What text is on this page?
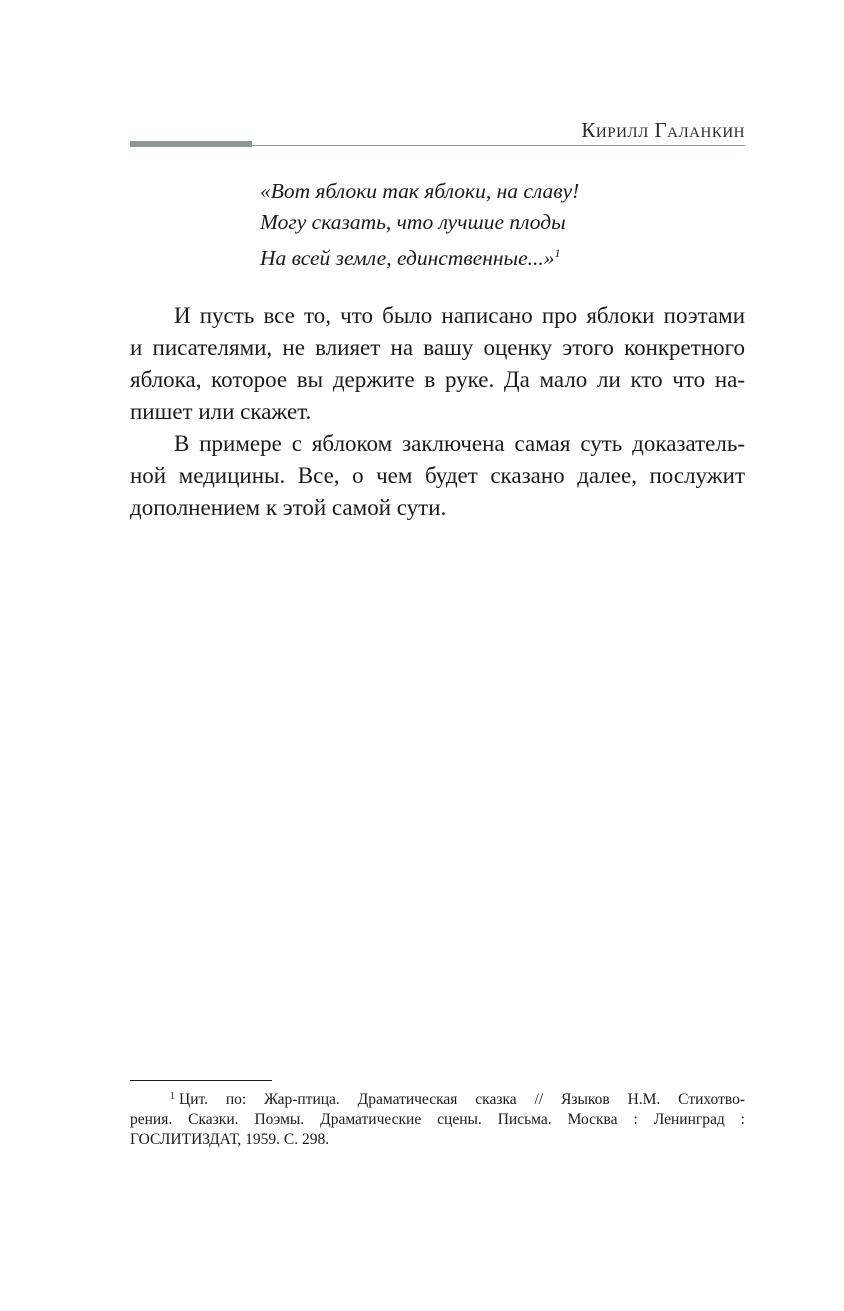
Кирилл Галанкин
«Вот яблоки так яблоки, на славу!
Могу сказать, что лучшие плоды
На всей земле, единственные...»$^1$
И пусть все то, что было написано про яблоки поэтами
и писателями, не влияет на вашу оценку этого конкретного
яблока, которое вы держите в руке. Да мало ли кто что на-
пишет или скажет.
В примере с яблоком заключена самая суть доказатель-
ной медицины. Все, о чем будет сказано далее, послужит
дополнением к этой самой сути.
$^1$ Цит. по: Жар-птица. Драматическая сказка // Языков Н.М. Стихотво-
рения. Сказки. Поэмы. Драматические сцены. Письма. Москва : Ленинград :
ГОСЛИТИЗДАТ, 1959. С. 298.
